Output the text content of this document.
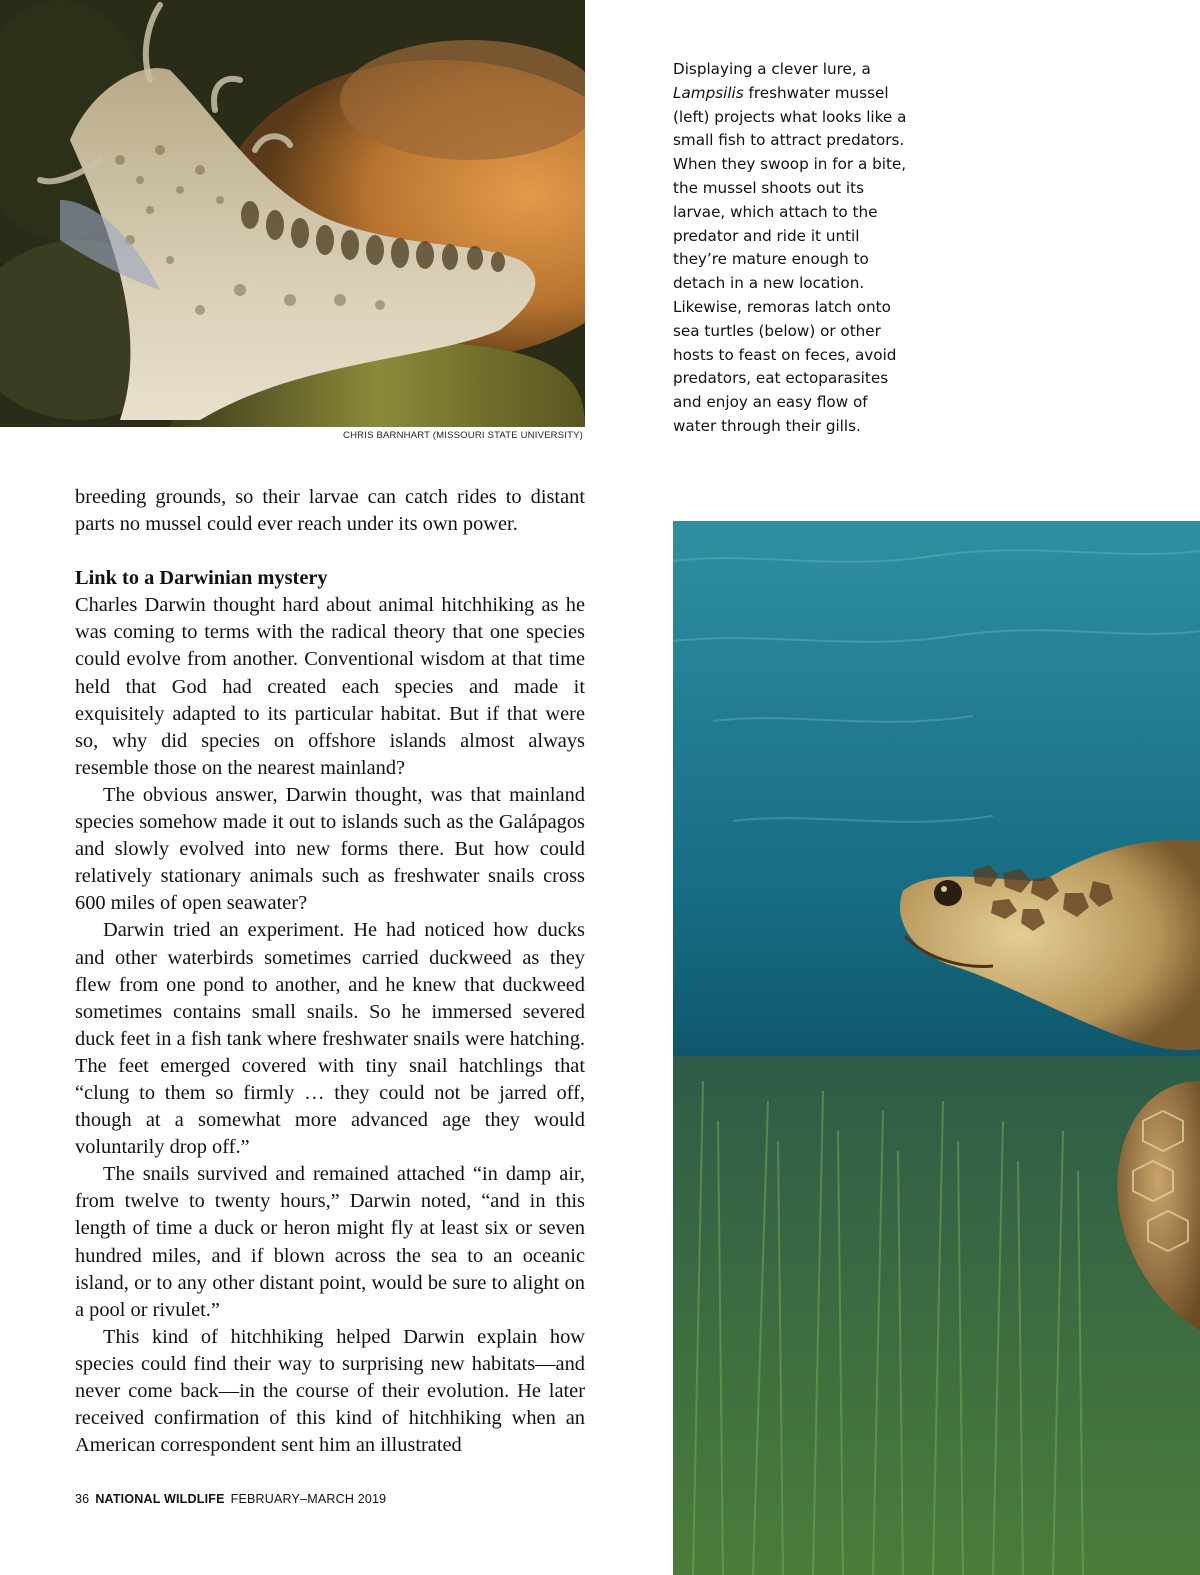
CHRIS BARNHART (MISSOURI STATE UNIVERSITY)
Displaying a clever lure, a Lampsilis freshwater mussel (left) projects what looks like a small fish to attract predators. When they swoop in for a bite, the mussel shoots out its larvae, which attach to the predator and ride it until they’re mature enough to detach in a new location. Likewise, remoras latch onto sea turtles (below) or other hosts to feast on feces, avoid predators, eat ectoparasites and enjoy an easy flow of water through their gills.

breeding grounds, so their larvae can catch rides to distant parts no mussel could ever reach under its own power.

Link to a Darwinian mystery

Charles Darwin thought hard about animal hitchhiking as he was coming to terms with the radical theory that one species could evolve from another. Conventional wisdom at that time held that God had created each species and made it exquisitely adapted to its particular habitat. But if that were so, why did species on offshore islands almost always resemble those on the nearest mainland?

The obvious answer, Darwin thought, was that mainland species somehow made it out to islands such as the Galápagos and slowly evolved into new forms there. But how could relatively stationary animals such as freshwater snails cross 600 miles of open seawater?

Darwin tried an experiment. He had noticed how ducks and other waterbirds sometimes carried duckweed as they flew from one pond to another, and he knew that duckweed sometimes contains small snails. So he immersed severed duck feet in a fish tank where freshwater snails were hatching. The feet emerged covered with tiny snail hatchlings that “clung to them so firmly … they could not be jarred off, though at a somewhat more advanced age they would voluntarily drop off.”

The snails survived and remained attached “in damp air, from twelve to twenty hours,” Darwin noted, “and in this length of time a duck or heron might fly at least six or seven hundred miles, and if blown across the sea to an oceanic island, or to any other distant point, would be sure to alight on a pool or rivulet.”

This kind of hitchhiking helped Darwin explain how species could find their way to surprising new habitats—and never come back—in the course of their evolution. He later received confirmation of this kind of hitchhiking when an American correspondent sent him an illustrated

36 NATIONAL WILDLIFE FEBRUARY–MARCH 2019
